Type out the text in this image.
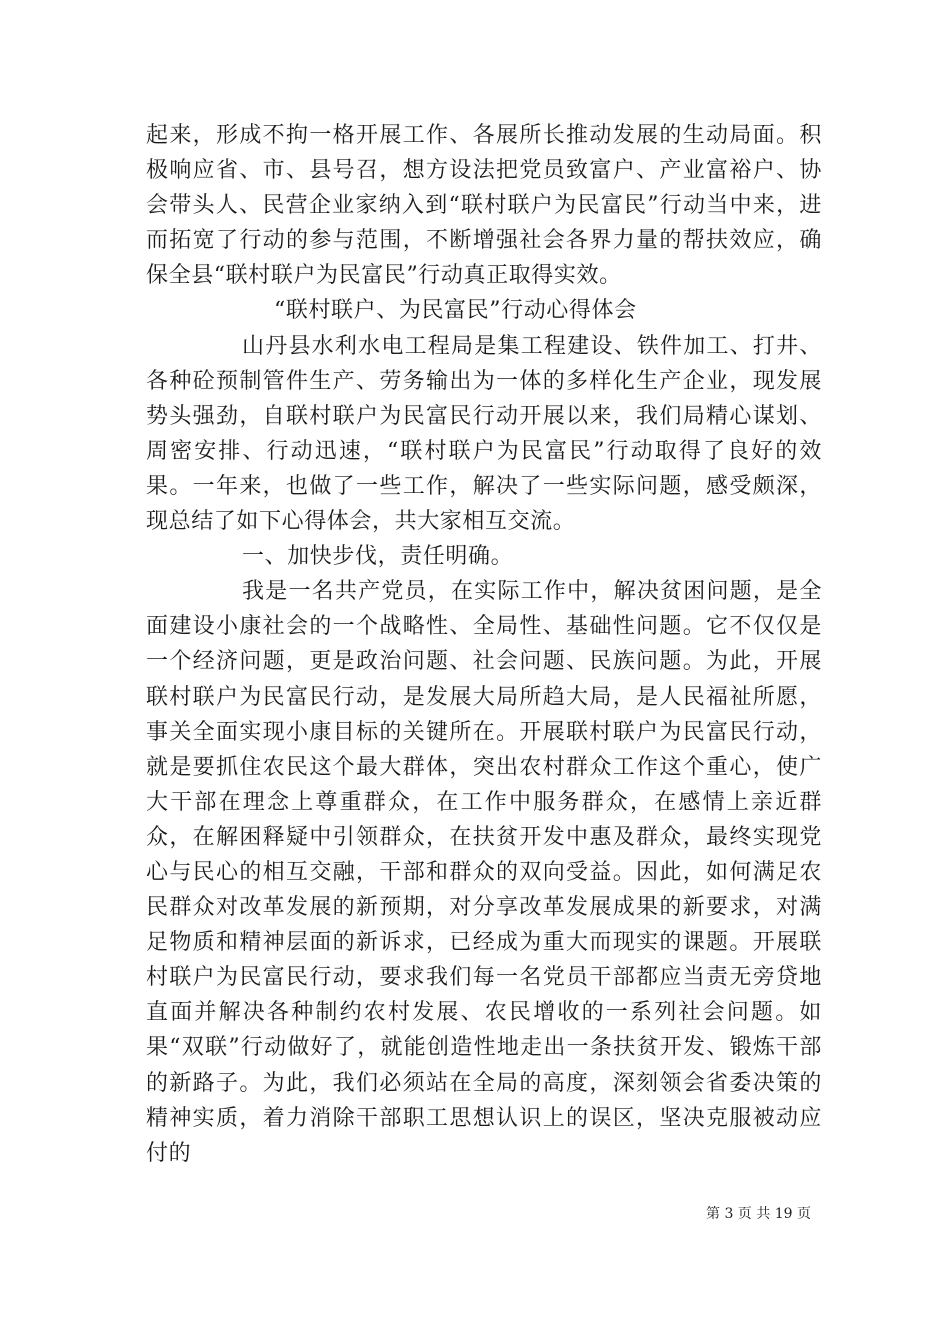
起来，形成不拘一格开展工作、各展所长推动发展的生动局面。积极响应省、市、县号召，想方设法把党员致富户、产业富裕户、协会带头人、民营企业家纳入到“联村联户为民富民”行动当中来，进而拓宽了行动的参与范围，不断增强社会各界力量的帮扶效应，确保全县“联村联户为民富民”行动真正取得实效。

“联村联户、为民富民”行动心得体会

山丹县水利水电工程局是集工程建设、铁件加工、打井、各种砼预制管件生产、劳务输出为一体的多样化生产企业，现发展势头强劲，自联村联户为民富民行动开展以来，我们局精心谋划、周密安排、行动迅速，“联村联户为民富民”行动取得了良好的效果。一年来，也做了一些工作，解决了一些实际问题，感受颇深，现总结了如下心得体会，共大家相互交流。

一、加快步伐，责任明确。

我是一名共产党员，在实际工作中，解决贫困问题，是全面建设小康社会的一个战略性、全局性、基础性问题。它不仅仅是一个经济问题，更是政治问题、社会问题、民族问题。为此，开展联村联户为民富民行动，是发展大局所趋大局，是人民福祉所愿，事关全面实现小康目标的关键所在。开展联村联户为民富民行动，就是要抓住农民这个最大群体，突出农村群众工作这个重心，使广大干部在理念上尊重群众，在工作中服务群众，在感情上亲近群众，在解困释疑中引领群众，在扶贫开发中惠及群众，最终实现党心与民心的相互交融，干部和群众的双向受益。因此，如何满足农民群众对改革发展的新预期，对分享改革发展成果的新要求，对满足物质和精神层面的新诉求，已经成为重大而现实的课题。开展联村联户为民富民行动，要求我们每一名党员干部都应当责无旁贷地直面并解决各种制约农村发展、农民增收的一系列社会问题。如果“双联”行动做好了，就能创造性地走出一条扶贫开发、锻炼干部的新路子。为此，我们必须站在全局的高度，深刻领会省委决策的精神实质，着力消除干部职工思想认识上的误区，坚决克服被动应付的

第 3 页 共 19 页
